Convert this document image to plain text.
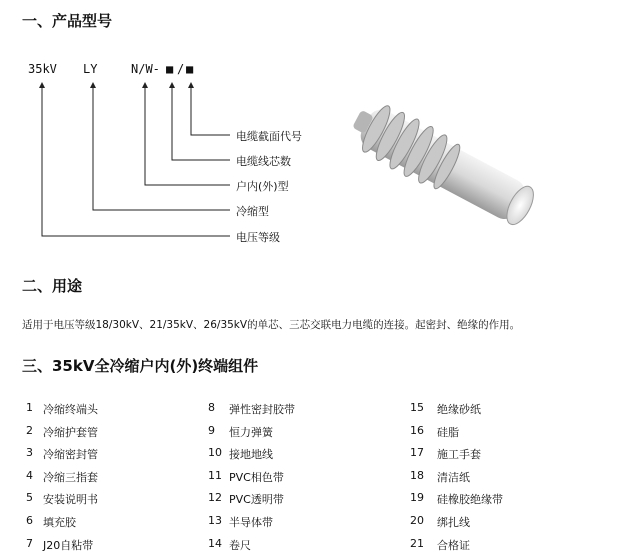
一、产品型号
二、用途
三、35kV全冷缩户内(外)终端组件
35kV LY	N/W- ■ / ■
电缆截面代号
电缆线芯数
户内(外)型
冷缩型
电压等级
适用于电压等级18/30kV、21/35kV、26/35kV的单芯、三芯交联电力电缆的连接。起密封、绝缘的作用。
1 冷缩终端头
2 冷缩护套管
3 冷缩密封管
4 冷缩三指套
5 安装说明书
6 填充胶
7 J20自粘带
8 弹性密封胶带
9 恒力弹簧
10 接地地线
11 PVC相色带
12 PVC透明带
13 半导体带
14 卷尺
15 绝缘砂纸
16 硅脂
17 施工手套
18 清洁纸
19 硅橡胶绝缘带
20 绑扎线
21 合格证
